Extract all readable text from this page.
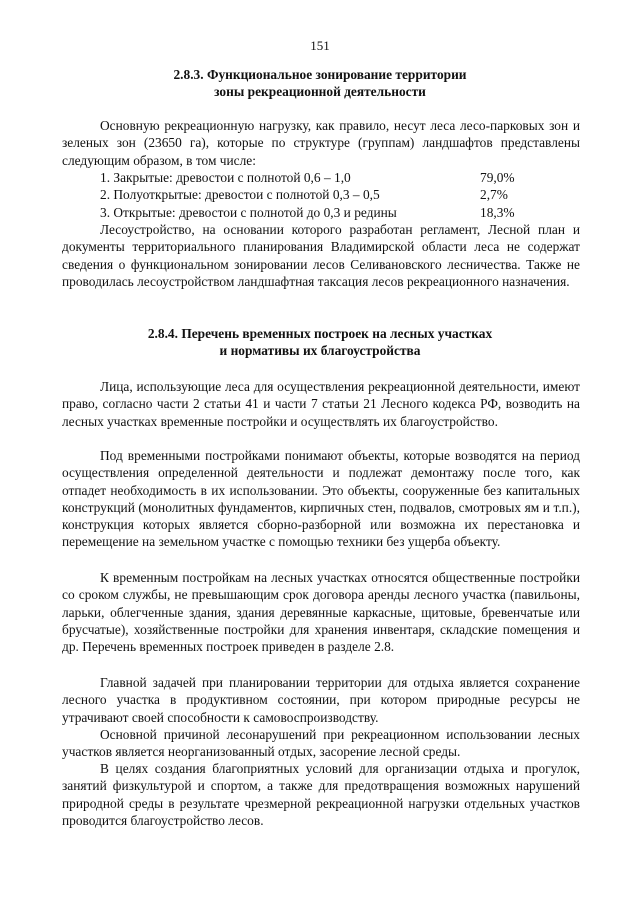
151
2.8.3. Функциональное зонирование территории
зоны рекреационной деятельности

Основную рекреационную нагрузку, как правило, несут леса лесо-парковых зон и зеленых зон (23650 га), которые по структуре (группам) ландшафтов представлены следующим образом, в том числе:

1. Закрытые: древостои с полнотой 0,6 – 1,0	79,0%
2. Полуоткрытые: древостои с полнотой 0,3 – 0,5	2,7%
3. Открытые: древостои с полнотой до 0,3 и редины	18,3%

Лесоустройство, на основании которого разработан регламент, Лесной план и документы территориального планирования Владимирской области леса не содержат сведения о функциональном зонировании лесов Селивановского лесничества. Также не проводилась лесоустройством ландшафтная таксация лесов рекреационного назначения.

2.8.4. Перечень временных построек на лесных участках
и нормативы их благоустройства

Лица, использующие леса для осуществления рекреационной деятельности, имеют право, согласно части 2 статьи 41 и части 7 статьи 21 Лесного кодекса РФ, возводить на лесных участках временные постройки и осуществлять их благоустройство.

Под временными постройками понимают объекты, которые возводятся на период осуществления определенной деятельности и подлежат демонтажу после того, как отпадет необходимость в их использовании. Это объекты, сооруженные без капитальных конструкций (монолитных фундаментов, кирпичных стен, подвалов, смотровых ям и т.п.), конструкция которых является сборно-разборной или возможна их перестановка и перемещение на земельном участке с помощью техники без ущерба объекту.

К временным постройкам на лесных участках относятся общественные постройки со сроком службы, не превышающим срок договора аренды лесного участка (павильоны, ларьки, облегченные здания, здания деревянные каркасные, щитовые, бревенчатые или брусчатые), хозяйственные постройки для хранения инвентаря, складские помещения и др. Перечень временных построек приведен в разделе 2.8.

Главной задачей при планировании территории для отдыха является сохранение лесного участка в продуктивном состоянии, при котором природные ресурсы не утрачивают своей способности к самовоспроизводству.

Основной причиной лесонарушений при рекреационном использовании лесных участков является неорганизованный отдых, засорение лесной среды.

В целях создания благоприятных условий для организации отдыха и прогулок, занятий физкультурой и спортом, а также для предотвращения возможных нарушений природной среды в результате чрезмерной рекреационной нагрузки отдельных участков проводится благоустройство лесов.
